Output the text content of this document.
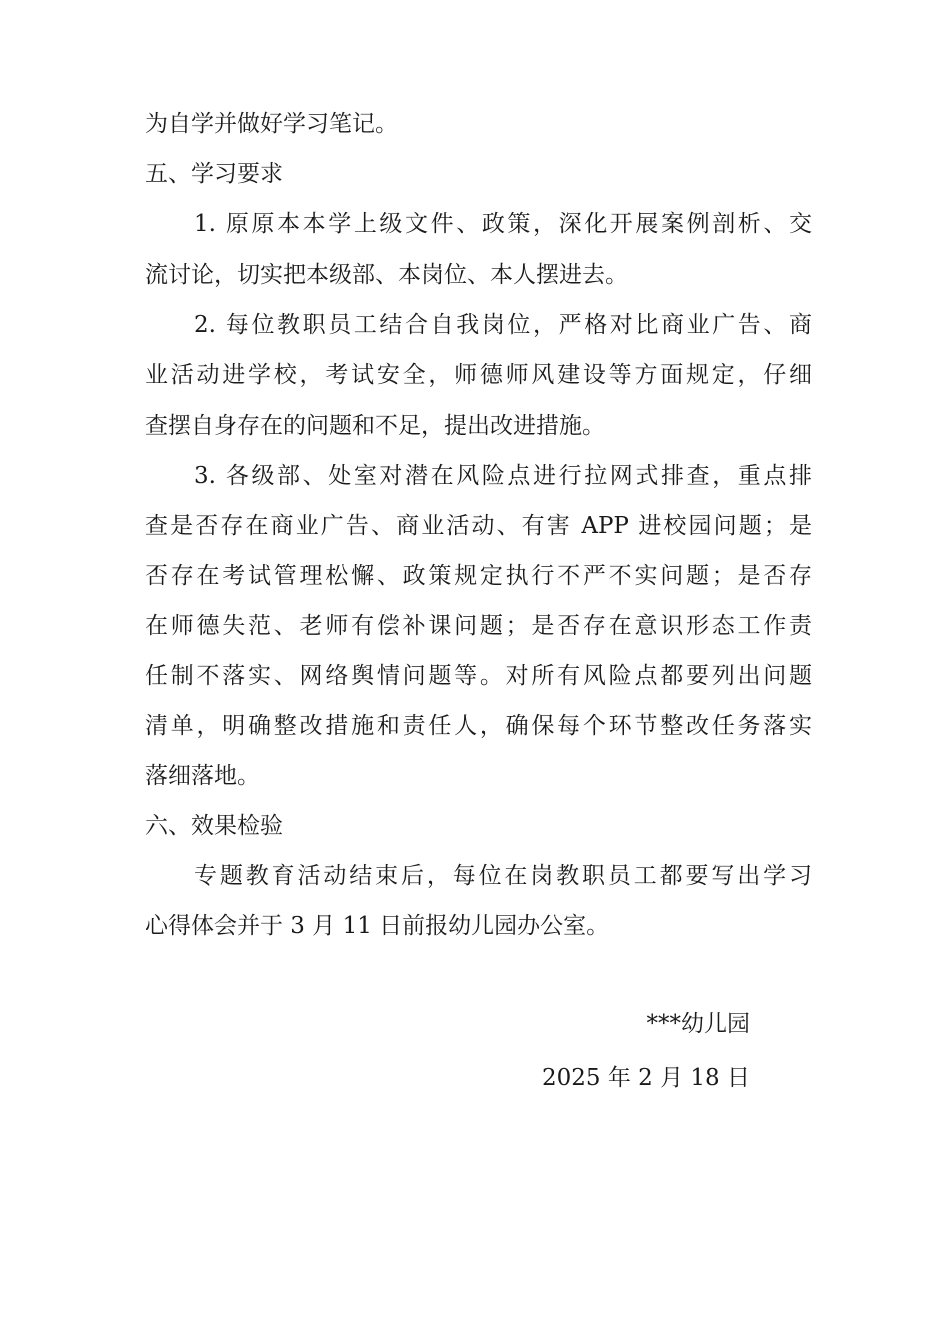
为自学并做好学习笔记。
五、学习要求
1. 原原本本学上级文件、政策，深化开展案例剖析、交
流讨论，切实把本级部、本岗位、本人摆进去。
2. 每位教职员工结合自我岗位，严格对比商业广告、商
业活动进学校，考试安全，师德师风建设等方面规定，仔细
查摆自身存在的问题和不足，提出改进措施。
3. 各级部、处室对潜在风险点进行拉网式排查，重点排
查是否存在商业广告、商业活动、有害 APP 进校园问题；是
否存在考试管理松懈、政策规定执行不严不实问题；是否存
在师德失范、老师有偿补课问题；是否存在意识形态工作责
任制不落实、网络舆情问题等。对所有风险点都要列出问题
清单，明确整改措施和责任人，确保每个环节整改任务落实
落细落地。
六、效果检验
专题教育活动结束后，每位在岗教职员工都要写出学习
心得体会并于 3 月 11 日前报幼儿园办公室。
***幼儿园
2025 年 2 月 18 日
